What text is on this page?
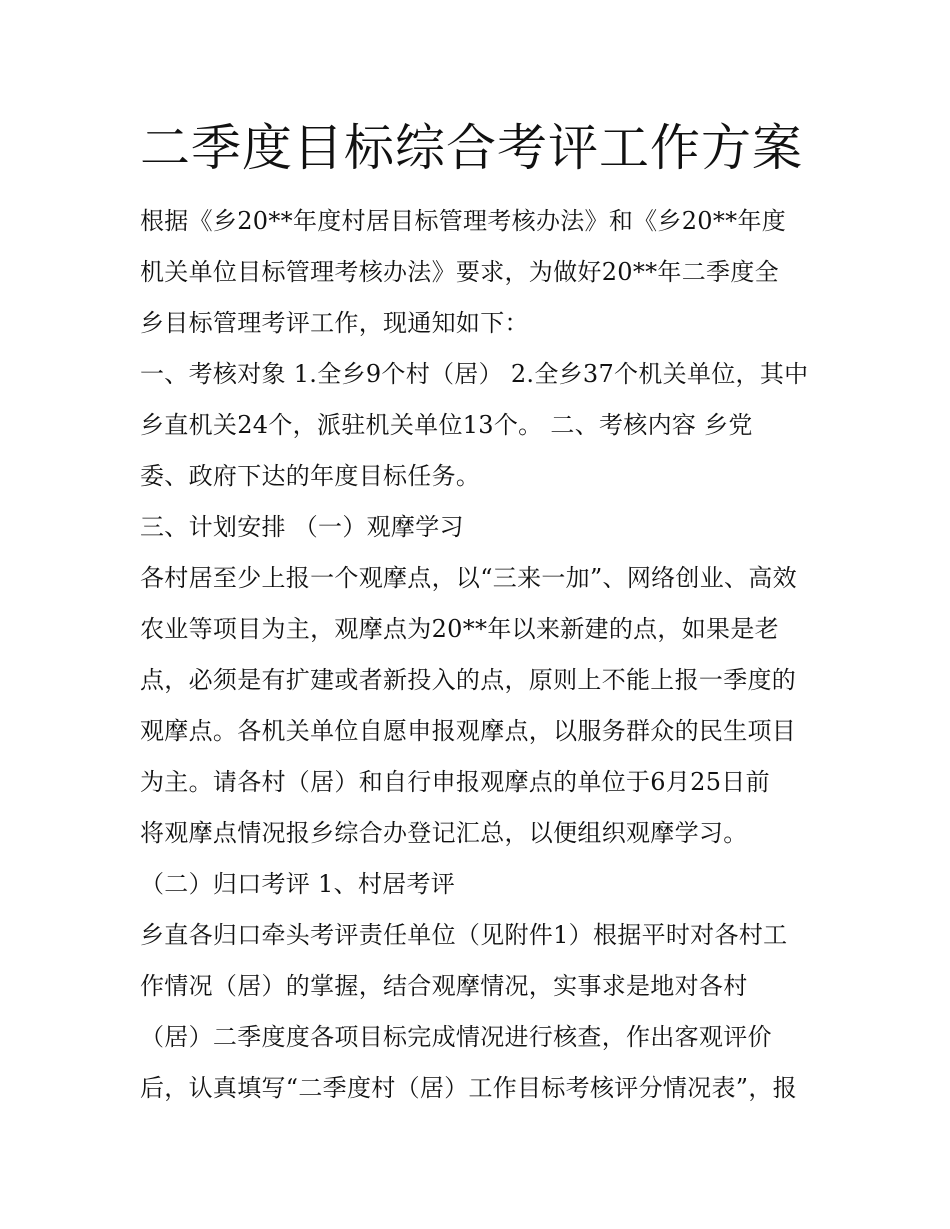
二季度目标综合考评工作方案
根据《乡20**年度村居目标管理考核办法》和《乡20**年度
机关单位目标管理考核办法》要求，为做好20**年二季度全
乡目标管理考评工作，现通知如下：
一、考核对象 1.全乡9个村（居） 2.全乡37个机关单位，其中
乡直机关24个，派驻机关单位13个。 二、考核内容 乡党
委、政府下达的年度目标任务。
三、计划安排 （一）观摩学习
各村居至少上报一个观摩点，以“三来一加”、网络创业、高效
农业等项目为主，观摩点为20**年以来新建的点，如果是老
点，必须是有扩建或者新投入的点，原则上不能上报一季度的
观摩点。各机关单位自愿申报观摩点，以服务群众的民生项目
为主。请各村（居）和自行申报观摩点的单位于6月25日前
将观摩点情况报乡综合办登记汇总，以便组织观摩学习。
（二）归口考评 1、村居考评
乡直各归口牵头考评责任单位（见附件1）根据平时对各村工
作情况（居）的掌握，结合观摩情况，实事求是地对各村
（居）二季度度各项目标完成情况进行核查，作出客观评价
后，认真填写“二季度村（居）工作目标考核评分情况表”，报
